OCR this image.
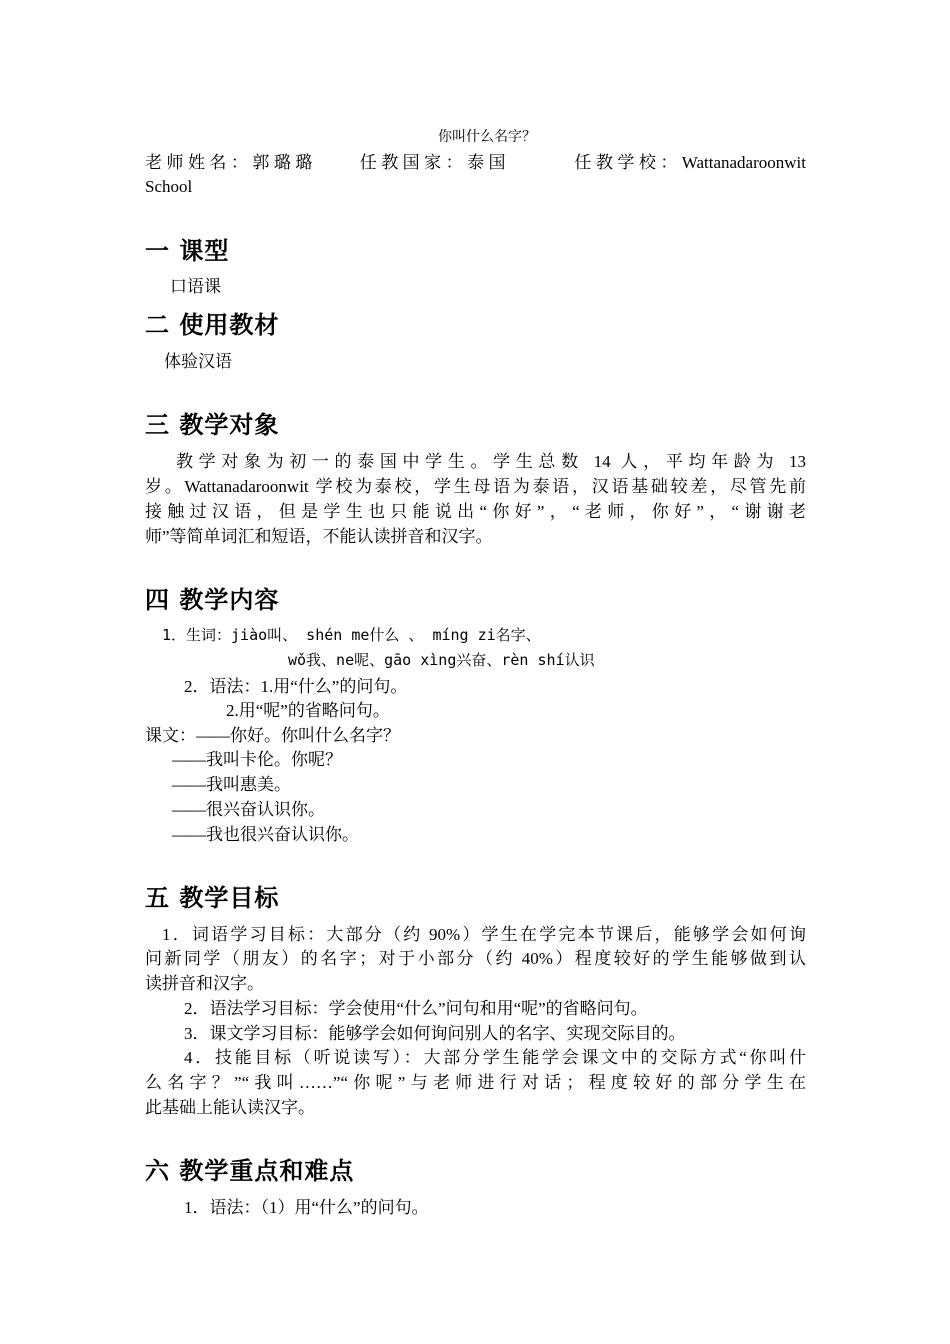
你叫什么名字？
老师姓名：郭璐璐　　任教国家：泰国　　　任教学校：Wattanadaroonwit
School
一 课型
口语课
二 使用教材
体验汉语
三 教学对象
教学对象为初一的泰国中学生。学生总数 14 人，平均年龄为 13
岁。Wattanadaroonwit 学校为泰校，学生母语为泰语，汉语基础较差，尽管先前
接触过汉语，但是学生也只能说出“你好”，“老师，你好”，“谢谢老
师”等简单词汇和短语，不能认读拼音和汉字。
四 教学内容
1．生词：jiào叫、 shén me什么 、 míng zi名字、
wǒ我、ne呢、gāo xìng兴奋、rèn shí认识
2．语法：1.用“什么”的问句。
2.用“呢”的省略问句。
课文：——你好。你叫什么名字？
——我叫卡伦。你呢？
——我叫惠美。
——很兴奋认识你。
——我也很兴奋认识你。
五 教学目标
1．词语学习目标：大部分（约 90%）学生在学完本节课后，能够学会如何询
问新同学（朋友）的名字；对于小部分（约 40%）程度较好的学生能够做到认
读拼音和汉字。
2．语法学习目标：学会使用“什么”问句和用“呢”的省略问句。
3．课文学习目标：能够学会如何询问别人的名字、实现交际目的。
4．技能目标（听说读写）：大部分学生能学会课文中的交际方式“你叫什
么名字？”“我叫……”“你呢”与老师进行对话；程度较好的部分学生在
此基础上能认读汉字。
六 教学重点和难点
1．语法：（1）用“什么”的问句。
